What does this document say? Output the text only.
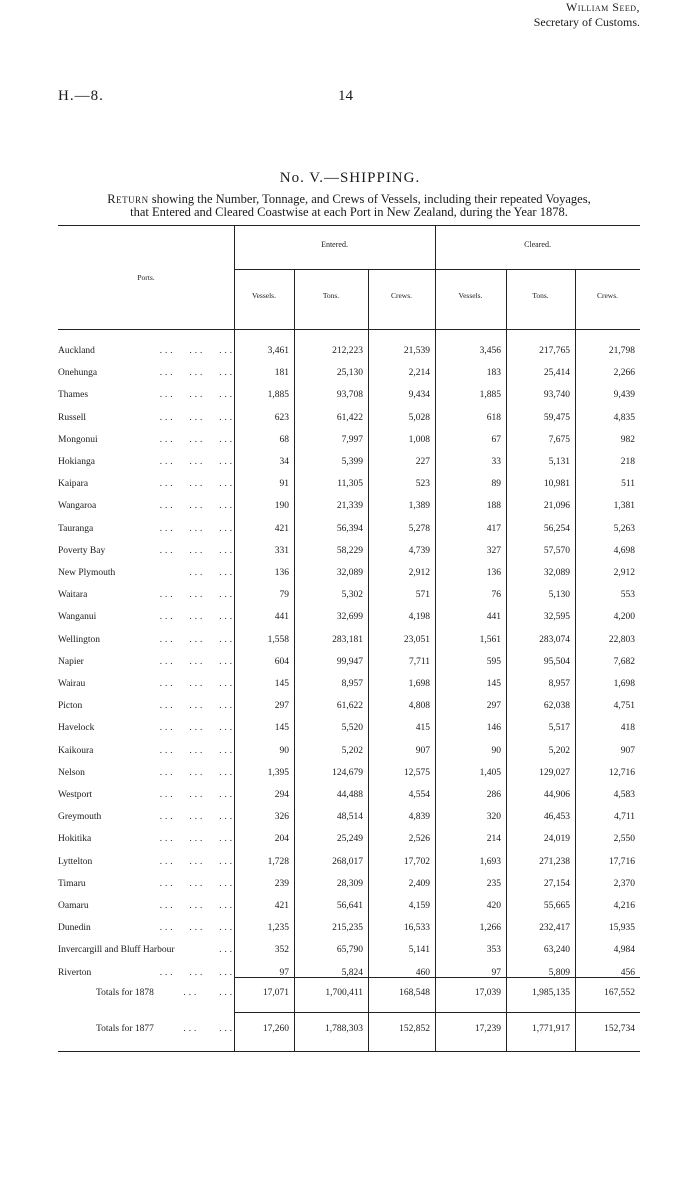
H.—8.	14
No. V.—SHIPPING.
Return showing the Number, Tonnage, and Crews of Vessels, including their repeated Voyages,
that Entered and Cleared Coastwise at each Port in New Zealand, during the Year 1878.
Ports.
Entered.	Cleared.
Vessels.	Tons.	Crews.	Vessels.	Tons.	Crews.
Auckland	... ... ...	3,461	212,223	21,539	3,456	217,765	21,798
Onehunga	... ... ...	181	25,130	2,214	183	25,414	2,266
Thames	... ... ...	1,885	93,708	9,434	1,885	93,740	9,439
Russell	... ... ...	623	61,422	5,028	618	59,475	4,835
Mongonui	... ... ...	68	7,997	1,008	67	7,675	982
Hokianga	... ... ...	34	5,399	227	33	5,131	218
Kaipara	... ... ...	91	11,305	523	89	10,981	511
Wangaroa	... ... ...	190	21,339	1,389	188	21,096	1,381
Tauranga	... ... ...	421	56,394	5,278	417	56,254	5,263
Poverty Bay	... ... ...	331	58,229	4,739	327	57,570	4,698
New Plymouth	... ...	136	32,089	2,912	136	32,089	2,912
Waitara	... ... ...	79	5,302	571	76	5,130	553
Wanganui	... ... ...	441	32,699	4,198	441	32,595	4,200
Wellington	... ... ...	1,558	283,181	23,051	1,561	283,074	22,803
Napier	... ... ...	604	99,947	7,711	595	95,504	7,682
Wairau	... ... ...	145	8,957	1,698	145	8,957	1,698
Picton	... ... ...	297	61,622	4,808	297	62,038	4,751
Havelock	... ... ...	145	5,520	415	146	5,517	418
Kaikoura	... ... ...	90	5,202	907	90	5,202	907
Nelson	... ... ...	1,395	124,679	12,575	1,405	129,027	12,716
Westport	... ... ...	294	44,488	4,554	286	44,906	4,583
Greymouth	... ... ...	326	48,514	4,839	320	46,453	4,711
Hokitika	... ... ...	204	25,249	2,526	214	24,019	2,550
Lyttelton	... ... ...	1,728	268,017	17,702	1,693	271,238	17,716
Timaru	... ... ...	239	28,309	2,409	235	27,154	2,370
Oamaru	... ... ...	421	56,641	4,159	420	55,665	4,216
Dunedin	... ... ...	1,235	215,235	16,533	1,266	232,417	15,935
Invercargill and Bluff Harbour	...	352	65,790	5,141	353	63,240	4,984
Riverton	... ... ...	97	5,824	460	97	5,809	456
Totals for 1878	... ...	17,071	1,700,411	168,548	17,039	1,985,135	167,552
Totals for 1877	... ...	17,260	1,788,303	152,852	17,239	1,771,917	152,734
William Seed,
Secretary of Customs.
